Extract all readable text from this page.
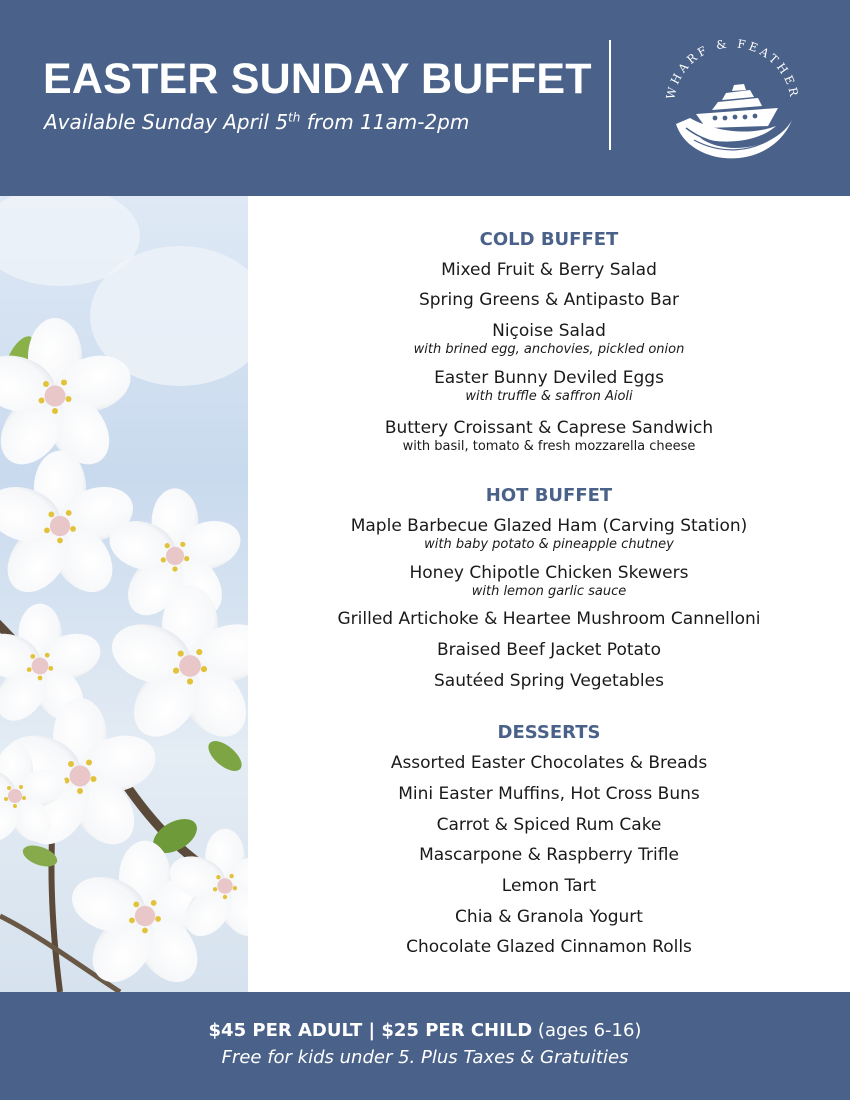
EASTER SUNDAY BUFFET
Available Sunday April 5th from 11am-2pm
WHARF & FEATHER
COLD BUFFET
Mixed Fruit & Berry Salad
Spring Greens & Antipasto Bar
Niçoise Salad
with brined egg, anchovies, pickled onion
Easter Bunny Deviled Eggs
with truffle & saffron Aioli
Buttery Croissant & Caprese Sandwich
with basil, tomato & fresh mozzarella cheese
HOT BUFFET
Maple Barbecue Glazed Ham (Carving Station)
with baby potato & pineapple chutney
Honey Chipotle Chicken Skewers
with lemon garlic sauce
Grilled Artichoke & Heartee Mushroom Cannelloni
Braised Beef Jacket Potato
Sautéed Spring Vegetables
DESSERTS
Assorted Easter Chocolates & Breads
Mini Easter Muffins, Hot Cross Buns
Carrot & Spiced Rum Cake
Mascarpone & Raspberry Trifle
Lemon Tart
Chia & Granola Yogurt
Chocolate Glazed Cinnamon Rolls
$45 PER ADULT | $25 PER CHILD (ages 6-16)
Free for kids under 5. Plus Taxes & Gratuities
